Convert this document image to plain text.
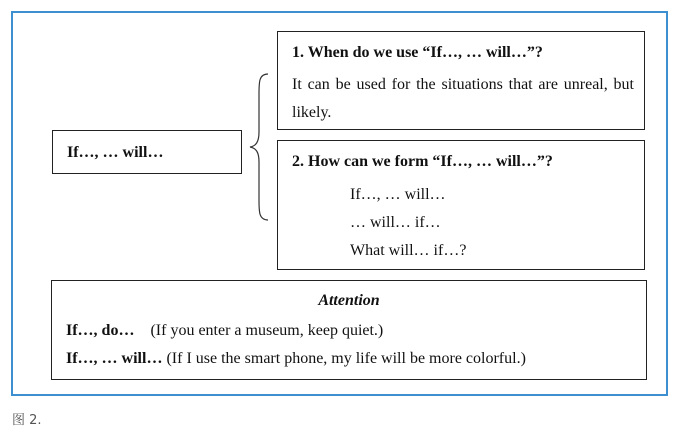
If…, … will…
1. When do we use “If…, … will…”?
It can be used for the situations that are unreal, but likely.
2. How can we form “If…, … will…”?
If…, … will…
… will… if…
What will… if…?
Attention
If…, do… (If you enter a museum, keep quiet.)
If…, … will… (If I use the smart phone, my life will be more colorful.)
图 2.
